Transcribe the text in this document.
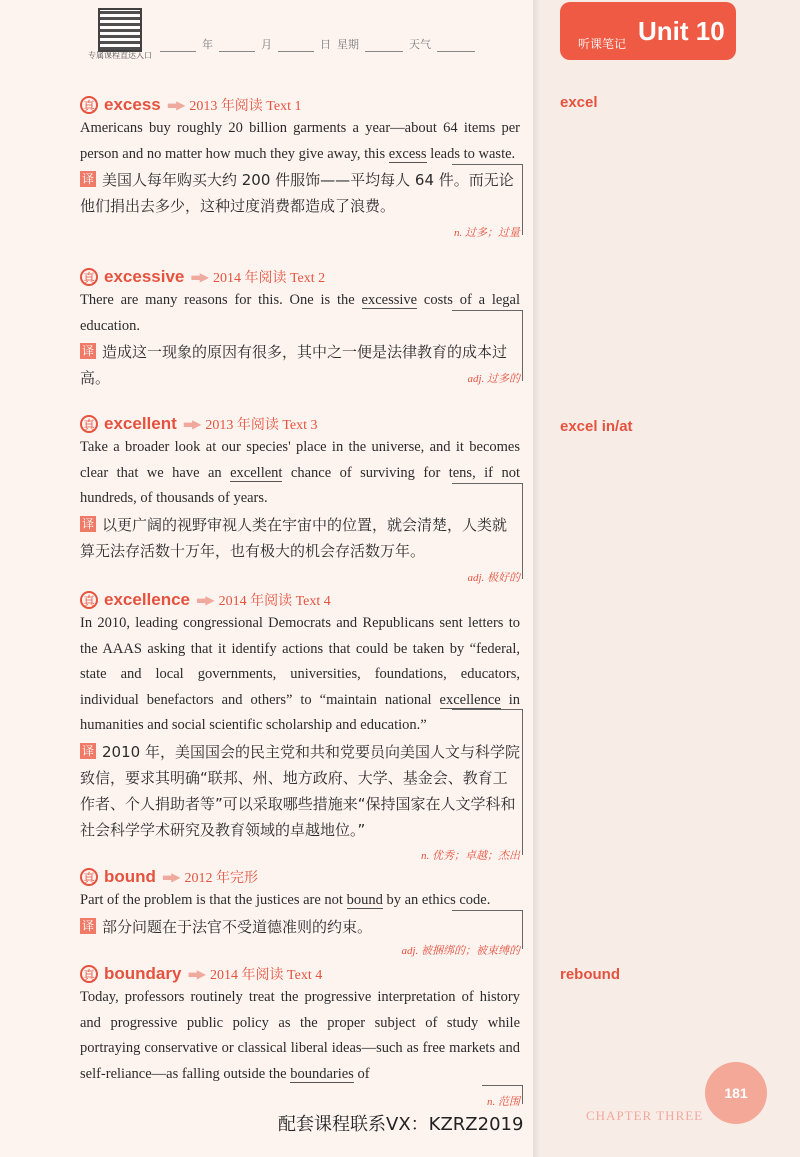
专属课程直达入口
年	月	日 星期	天气	听课笔记 Unit 10
真 excess ▬▶ 2013 年阅读 Text 1

Americans buy roughly 20 billion garments a year—about 64 items per person and no matter how much they give away, this excess leads to waste.

译 美国人每年购买大约 200 件服饰——平均每人 64 件。而无论他们捐出去多少，这种过度消费都造成了浪费。

n. 过多；过量
真 excessive ▬▶ 2014 年阅读 Text 2

There are many reasons for this. One is the excessive costs of a legal education.

译 造成这一现象的原因有很多，其中之一便是法律教育的成本过高。	adj. 过多的
真 excellent ▬▶ 2013 年阅读 Text 3

Take a broader look at our species' place in the universe, and it becomes clear that we have an excellent chance of surviving for tens, if not hundreds, of thousands of years.

译 以更广阔的视野审视人类在宇宙中的位置，就会清楚，人类就算无法存活数十万年，也有极大的机会存活数万年。

adj. 极好的
真 excellence ▬▶ 2014 年阅读 Text 4

In 2010, leading congressional Democrats and Republicans sent letters to the AAAS asking that it identify actions that could be taken by “federal, state and local governments, universities, foundations, educators, individual benefactors and others” to “maintain national excellence in humanities and social scientific scholarship and education.”

译 2010 年，美国国会的民主党和共和党要员向美国人文与科学院致信，要求其明确“联邦、州、地方政府、大学、基金会、教育工作者、个人捐助者等”可以采取哪些措施来“保持国家在人文学科和社会科学学术研究及教育领域的卓越地位。”

n. 优秀；卓越；杰出
真 bound ▬▶ 2012 年完形

Part of the problem is that the justices are not bound by an ethics code.

译 部分问题在于法官不受道德准则的约束。

adj. 被捆绑的；被束缚的
真 boundary ▬▶ 2014 年阅读 Text 4

Today, professors routinely treat the progressive interpretation of history and progressive public policy as the proper subject of study while portraying conservative or classical liberal ideas—such as free markets and self-reliance—as falling outside the boundaries of

n. 范围
excel
excel in/at
rebound
181
CHAPTER THREE
配套课程联系VX：KZRZ2019
